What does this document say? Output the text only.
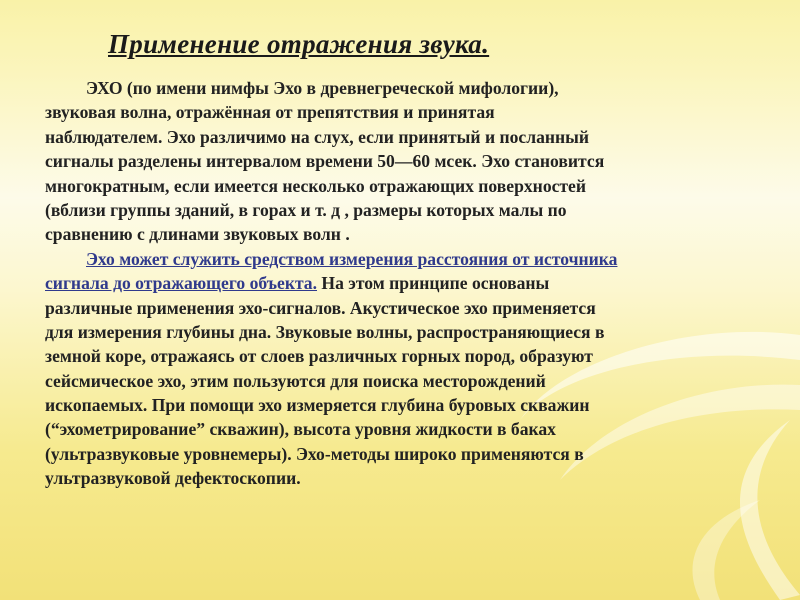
Применение отражения звука.
ЭХО (по имени нимфы Эхо в древнегреческой мифологии),
звуковая волна, отражённая от препятствия и принятая
наблюдателем. Эхо различимо на слух, если принятый и посланный
сигналы разделены интервалом времени 50—60 мсек. Эхо становится
многократным, если имеется несколько отражающих поверхностей
(вблизи группы зданий, в горах и т. д , размеры которых малы по
сравнению с длинами звуковых волн .
Эхо может служить средством измерения расстояния от источника
сигнала до отражающего объекта. На этом принципе основаны
различные применения эхо-сигналов. Акустическое эхо применяется
для измерения глубины дна. Звуковые волны, распространяющиеся в
земной коре, отражаясь от слоев различных горных пород, образуют
сейсмическое эхо, этим пользуются для поиска месторождений
ископаемых. При помощи эхо измеряется глубина буровых скважин
(“эхометрирование” скважин), высота уровня жидкости в баках
(ультразвуковые уровнемеры). Эхо-методы широко применяются в
ультразвуковой дефектоскопии.
